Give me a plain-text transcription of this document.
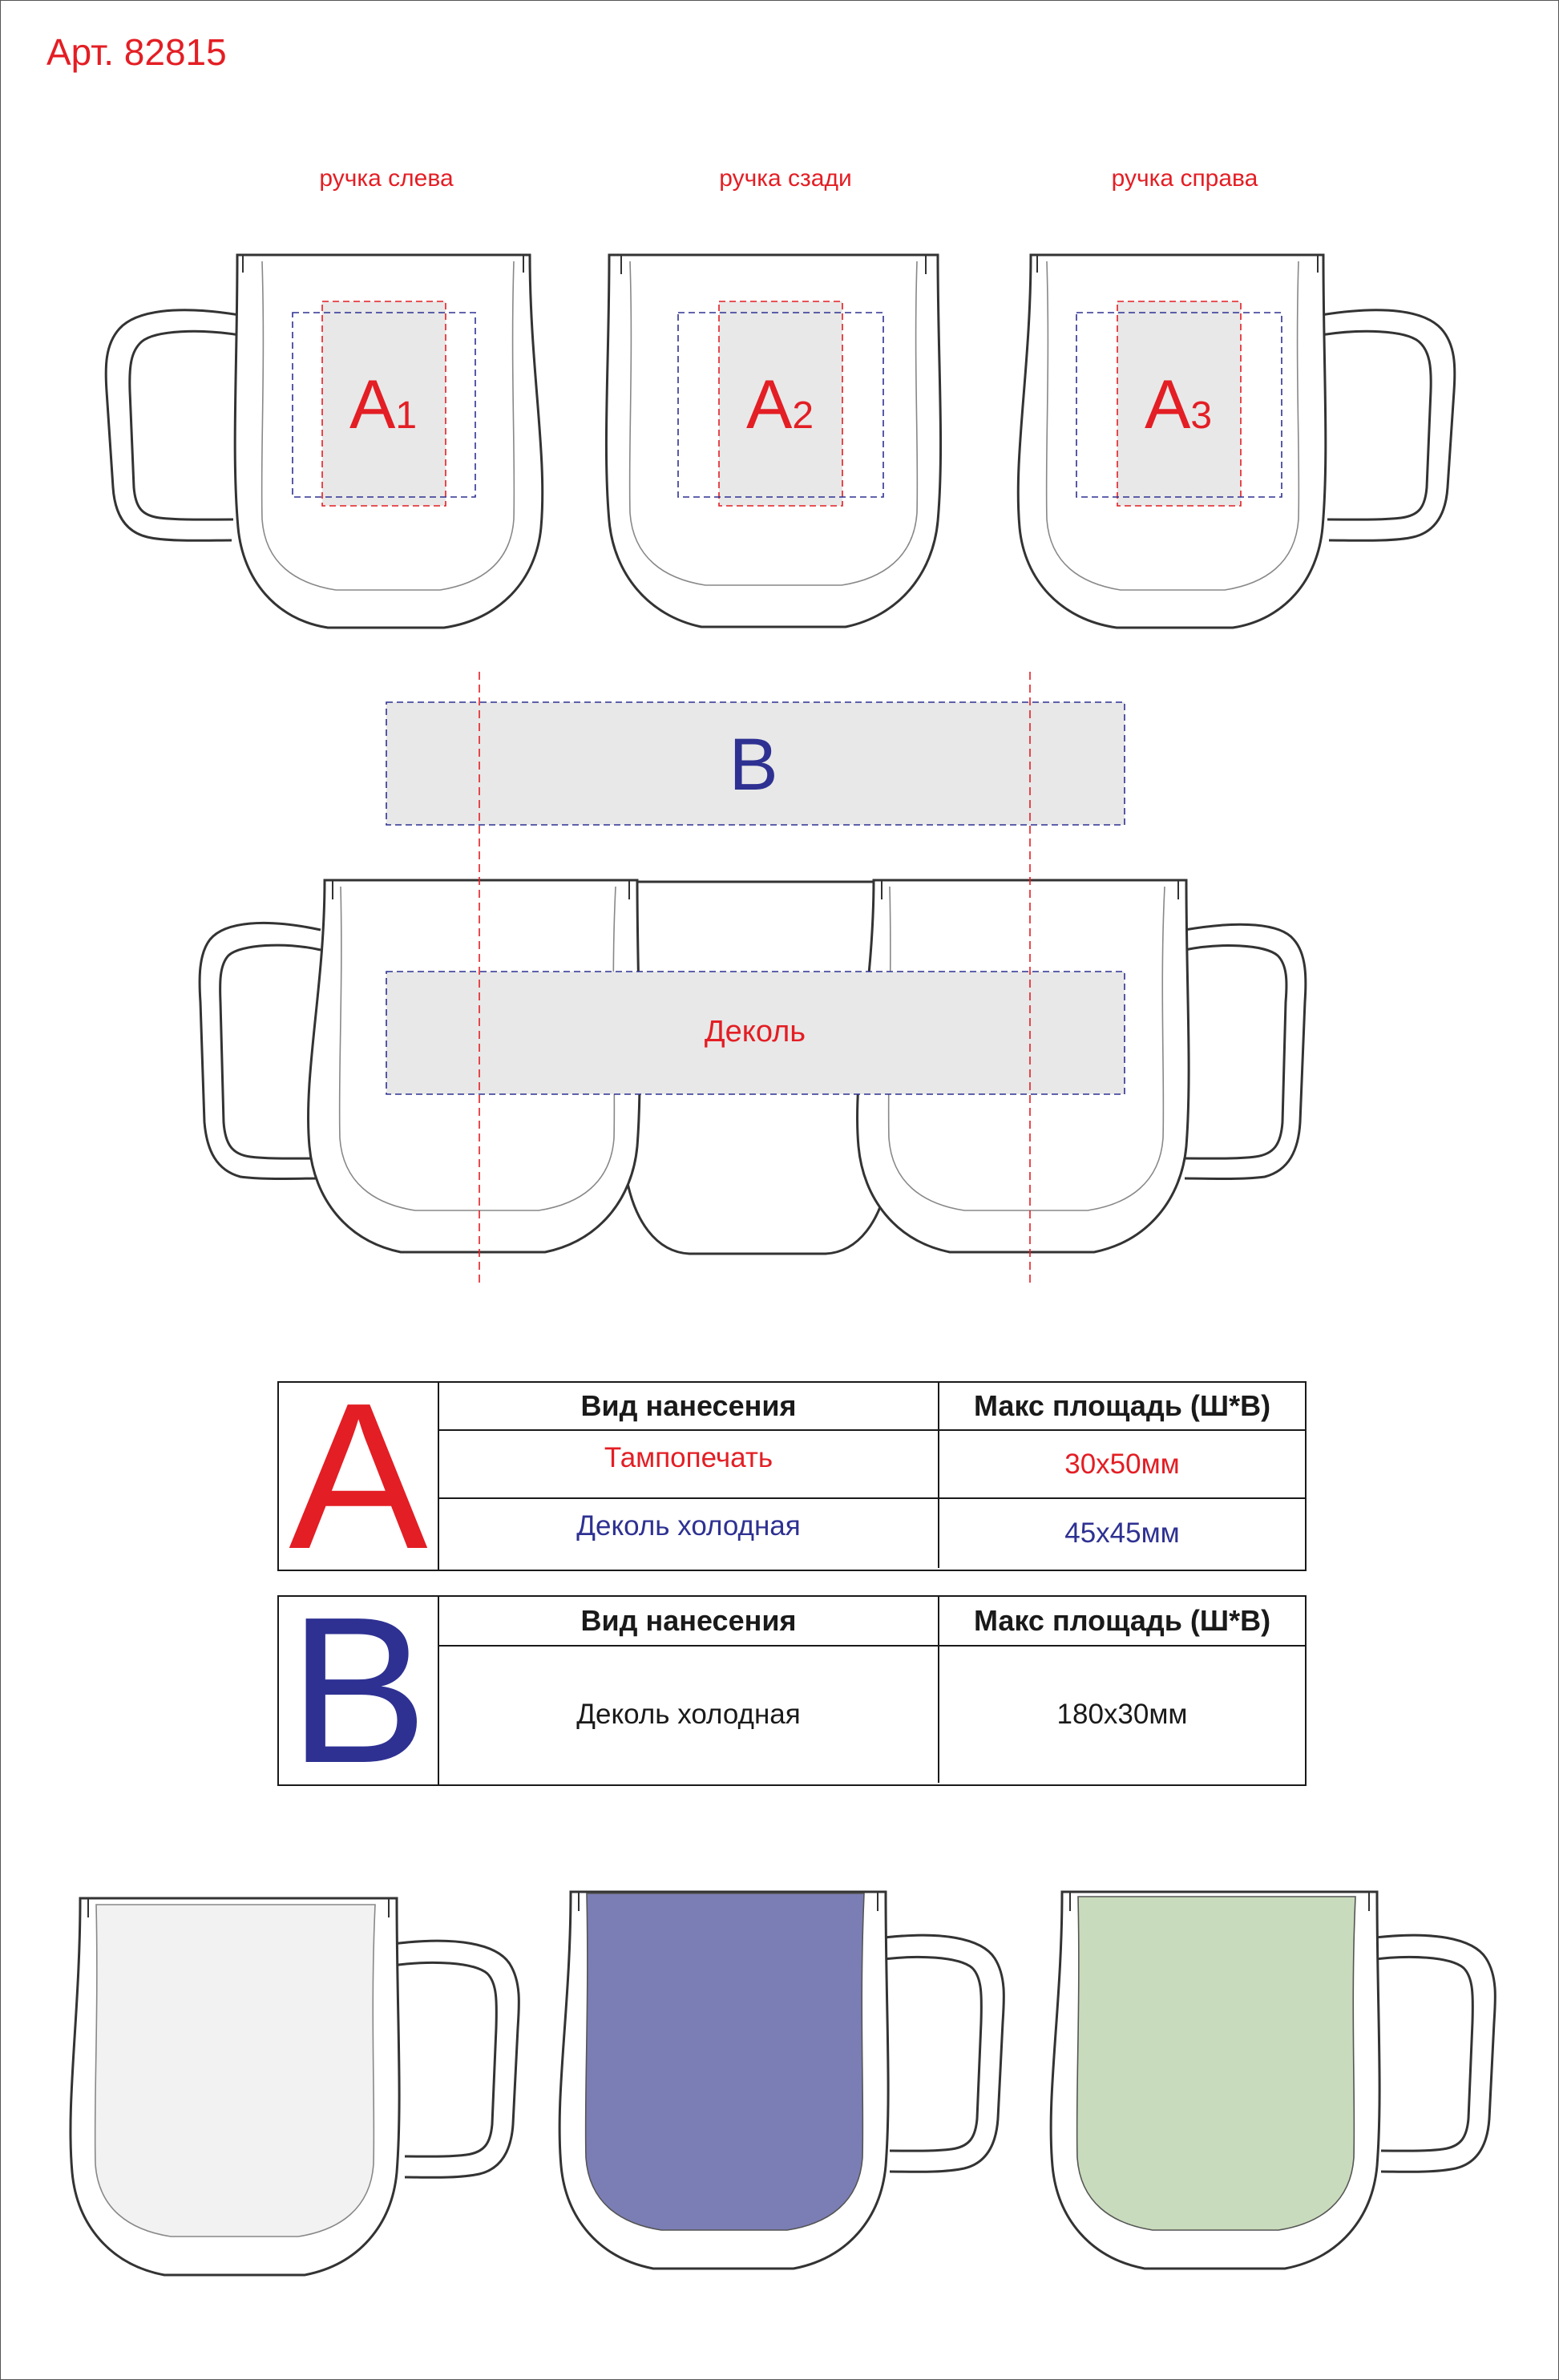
Арт. 82815
ручка слева	ручка сзади	ручка справа
A1	A2	A3
B
Деколь
A	Вид нанесения	Макс площадь (Ш*В)
Тампопечать	30x50мм
Деколь холодная	45x45мм
B	Вид нанесения	Макс площадь (Ш*В)
Деколь холодная	180x30мм
